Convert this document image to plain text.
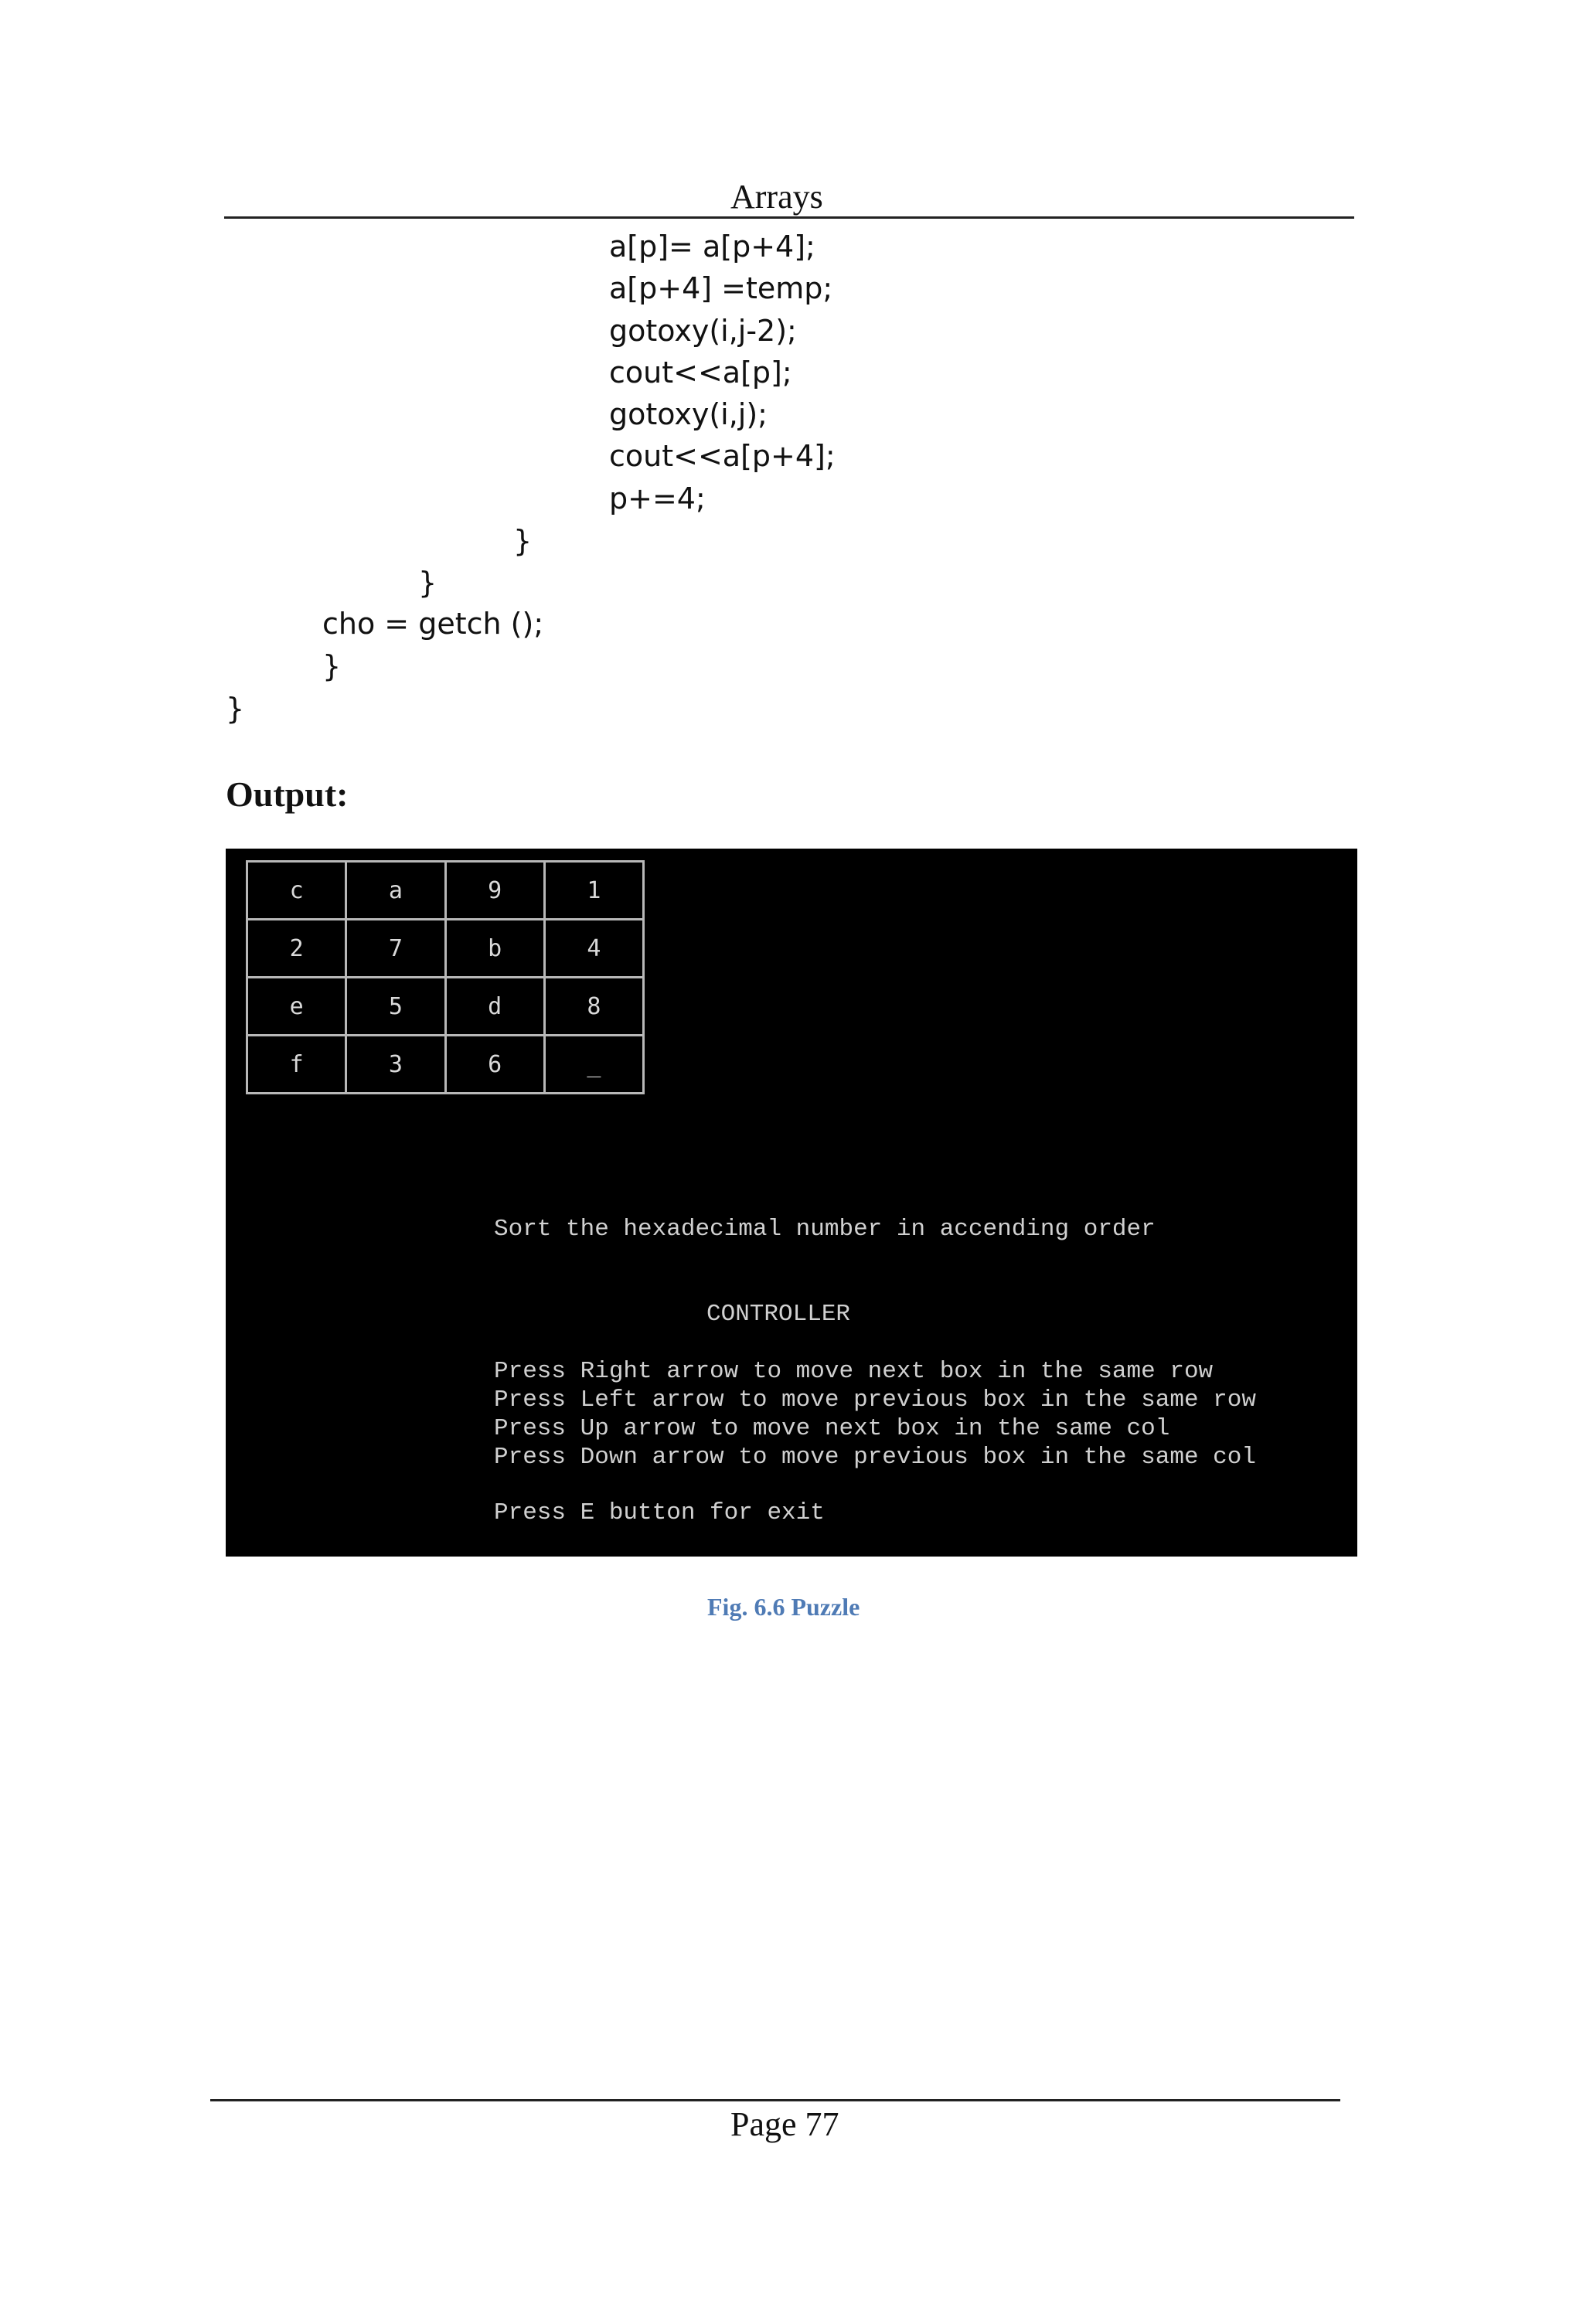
Arrays
a[p]= a[p+4];
a[p+4] =temp;
gotoxy(i,j-2);
cout<<a[p];
gotoxy(i,j);
cout<<a[p+4];
p+=4;
}
}
cho = getch ();
}
}
Output:
c	a	9	1
2	7	b	4
e	5	d	8
f	3	6	_
Sort the hexadecimal number in accending order
CONTROLLER
Press Right arrow to move next box in the same row
Press Left arrow to move previous box in the same row
Press Up arrow to move next box in the same col
Press Down arrow to move previous box in the same col
Press E button for exit
Fig. 6.6 Puzzle
Page 77
